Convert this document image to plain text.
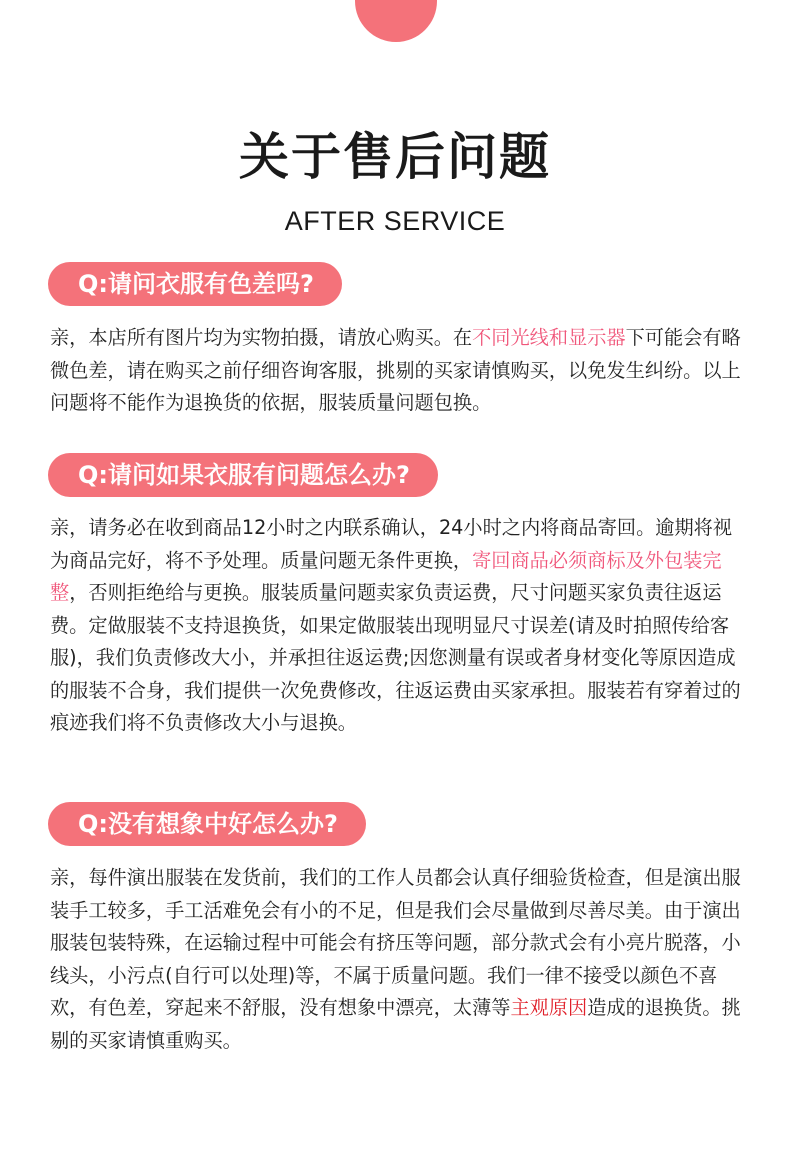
关于售后问题
AFTER SERVICE
Q:请问衣服有色差吗?
亲，本店所有图片均为实物拍摄，请放心购买。在不同光线和显示器下可能会有略微色差，请在购买之前仔细咨询客服，挑剔的买家请慎购买，以免发生纠纷。以上问题将不能作为退换货的依据，服装质量问题包换。
Q:请问如果衣服有问题怎么办?
亲，请务必在收到商品12小时之内联系确认，24小时之内将商品寄回。逾期将视为商品完好，将不予处理。质量问题无条件更换，寄回商品必须商标及外包装完整，否则拒绝给与更换。服装质量问题卖家负责运费，尺寸问题买家负责往返运费。定做服装不支持退换货，如果定做服装出现明显尺寸误差(请及时拍照传给客服)，我们负责修改大小，并承担往返运费;因您测量有误或者身材变化等原因造成的服装不合身，我们提供一次免费修改，往返运费由买家承担。服装若有穿着过的痕迹我们将不负责修改大小与退换。
Q:没有想象中好怎么办?
亲，每件演出服装在发货前，我们的工作人员都会认真仔细验货检查，但是演出服装手工较多，手工活难免会有小的不足，但是我们会尽量做到尽善尽美。由于演出服装包装特殊，在运输过程中可能会有挤压等问题，部分款式会有小亮片脱落，小线头，小污点(自行可以处理)等，不属于质量问题。我们一律不接受以颜色不喜欢，有色差，穿起来不舒服，没有想象中漂亮，太薄等主观原因造成的退换货。挑剔的买家请慎重购买。
